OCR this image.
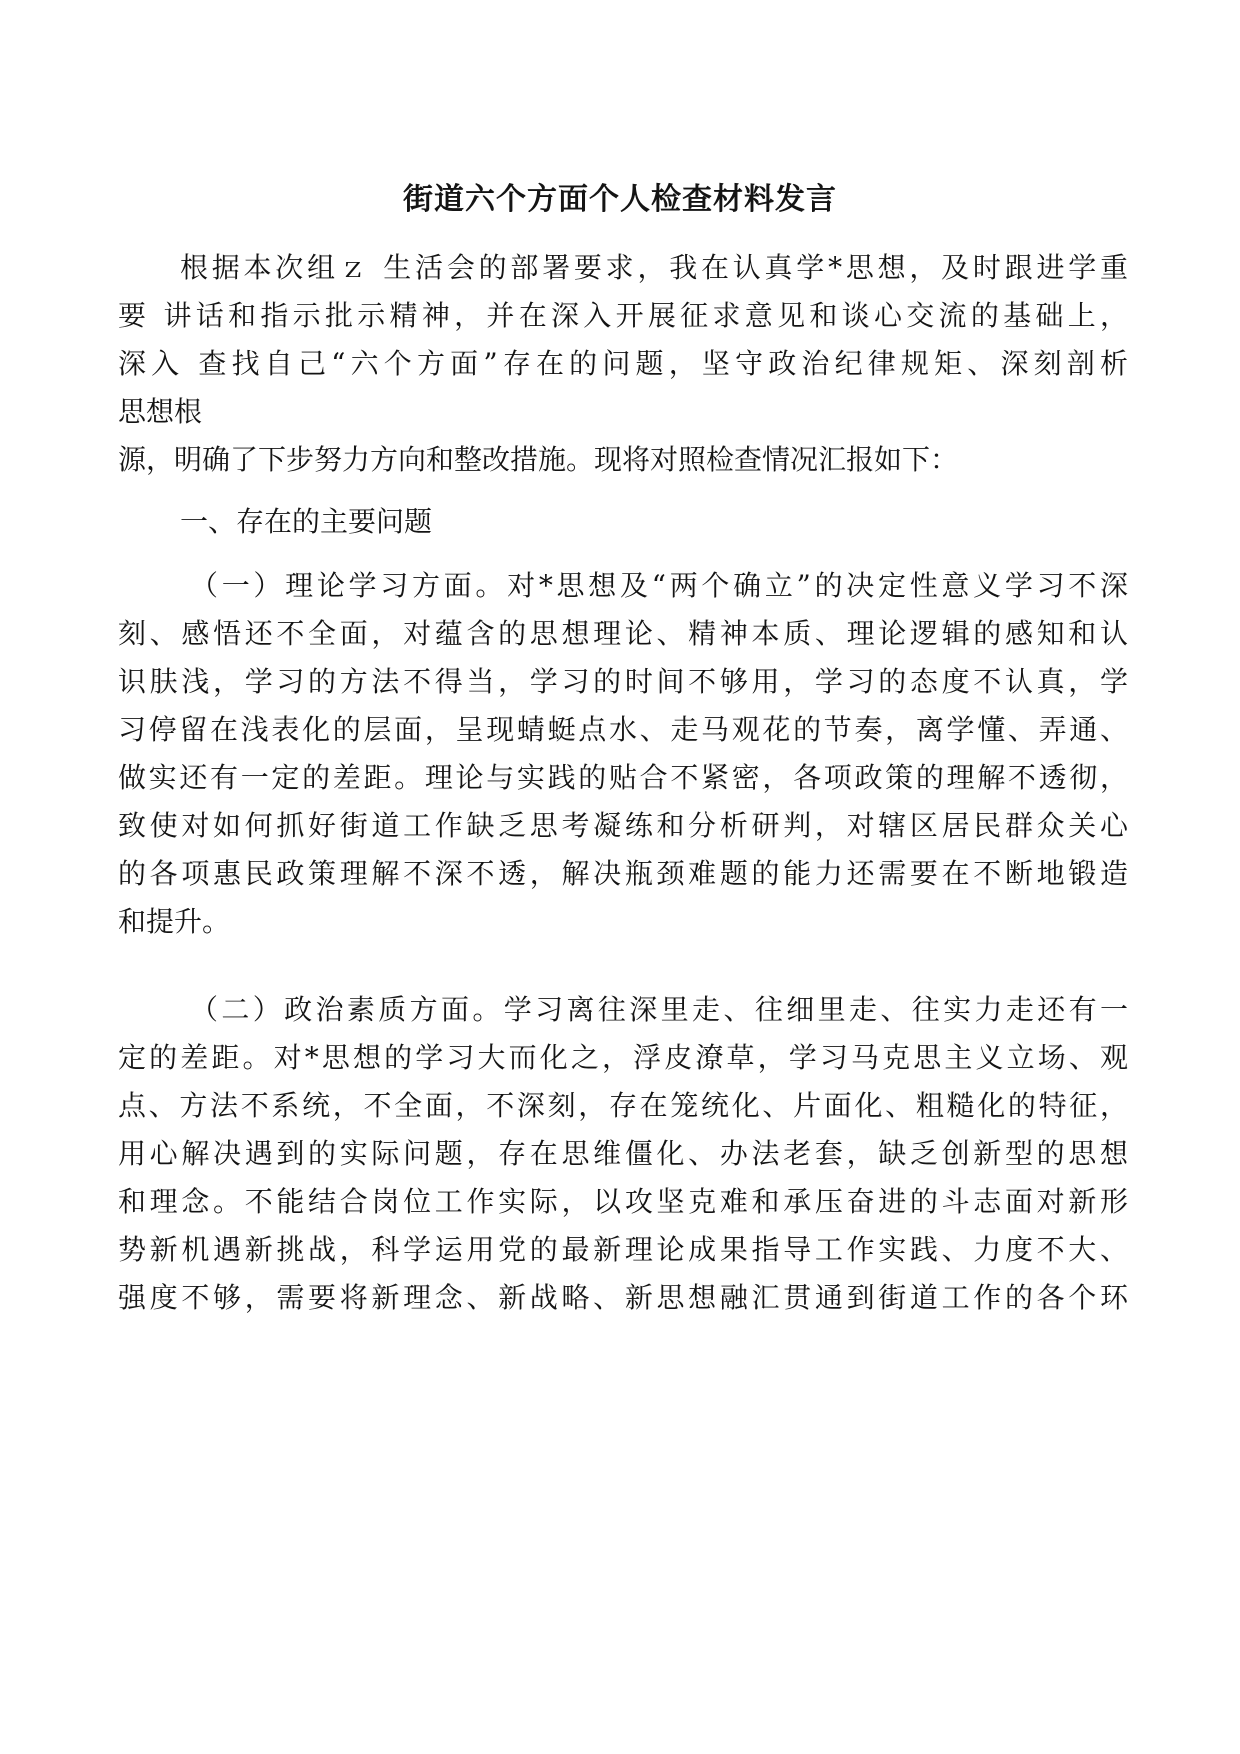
街道六个方面个人检查材料发言
根据本次组ｚ 生活会的部署要求，我在认真学*思想，及时跟进学重
要 讲话和指示批示精神，并在深入开展征求意见和谈心交流的基础上，
深入 查找自己“六个方面”存在的问题，坚守政治纪律规矩、深刻剖析
思想根
源，明确了下步努力方向和整改措施。现将对照检查情况汇报如下：
一、存在的主要问题
（一）理论学习方面。对*思想及“两个确立”的决定性意义学习不深
刻、感悟还不全面，对蕴含的思想理论、精神本质、理论逻辑的感知和认
识肤浅，学习的方法不得当，学习的时间不够用，学习的态度不认真，学
习停留在浅表化的层面，呈现蜻蜓点水、走马观花的节奏，离学懂、弄通、
做实还有一定的差距。理论与实践的贴合不紧密，各项政策的理解不透彻，
致使对如何抓好街道工作缺乏思考凝练和分析研判，对辖区居民群众关心
的各项惠民政策理解不深不透，解决瓶颈难题的能力还需要在不断地锻造
和提升。
（二）政治素质方面。学习离往深里走、往细里走、往实力走还有一
定的差距。对*思想的学习大而化之，浮皮潦草，学习马克思主义立场、观
点、方法不系统，不全面，不深刻，存在笼统化、片面化、粗糙化的特征，
用心解决遇到的实际问题，存在思维僵化、办法老套，缺乏创新型的思想
和理念。不能结合岗位工作实际，以攻坚克难和承压奋进的斗志面对新形
势新机遇新挑战，科学运用党的最新理论成果指导工作实践、力度不大、
强度不够，需要将新理念、新战略、新思想融汇贯通到街道工作的各个环
